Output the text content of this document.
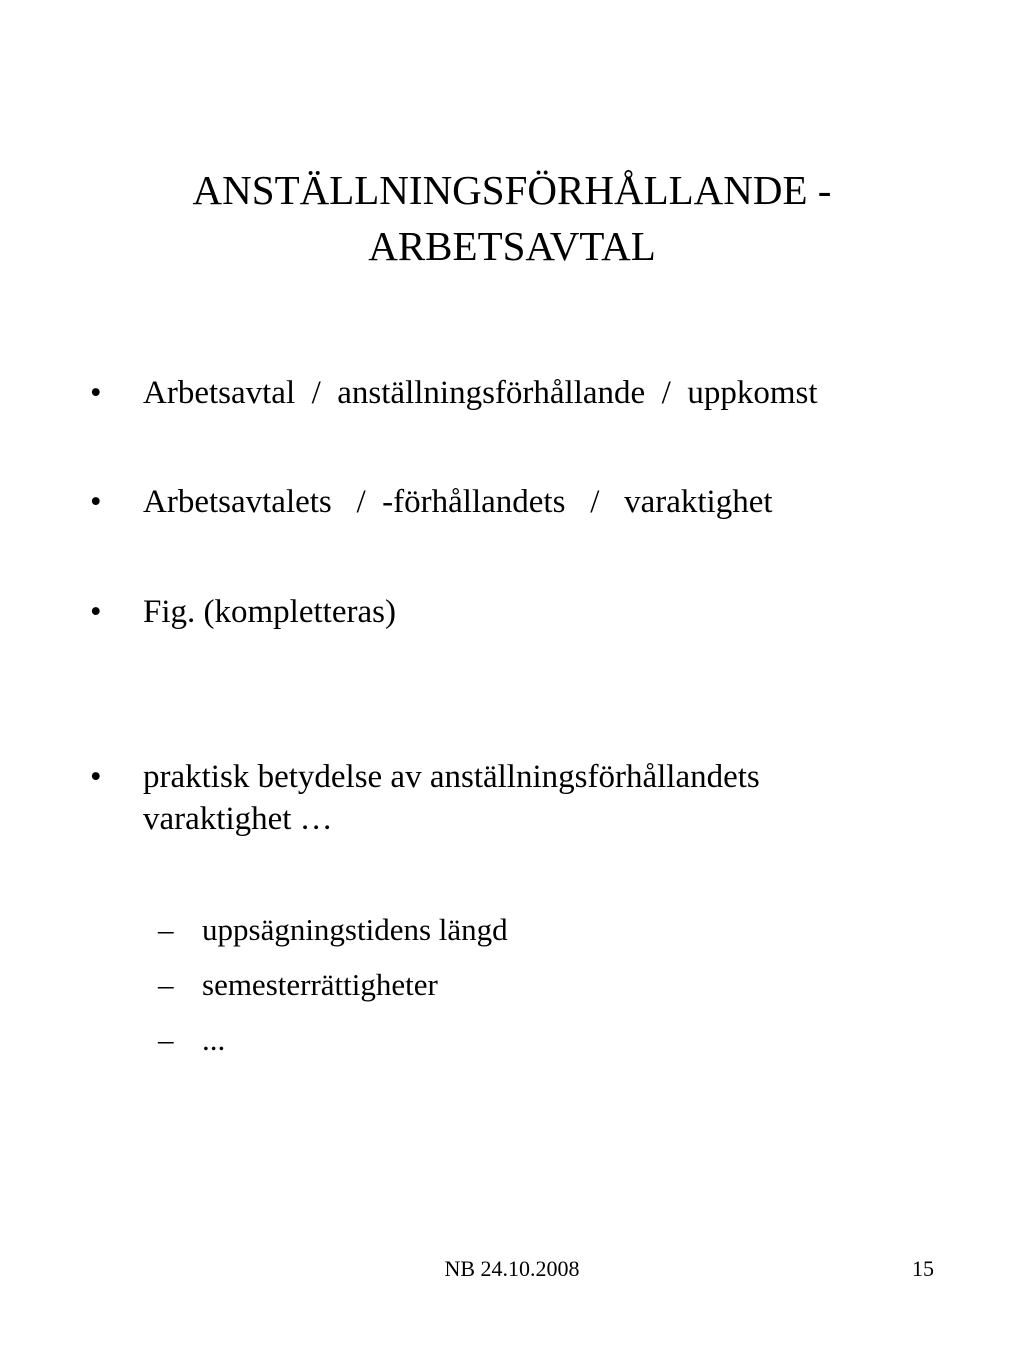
ANSTÄLLNINGSFÖRHÅLLANDE -
ARBETSAVTAL
•	Arbetsavtal  /  anställningsförhållande  /  uppkomst
•	Arbetsavtalets   /  -förhållandets   /   varaktighet
•	Fig. (kompletteras)
•	praktisk betydelse av anställningsförhållandets
varaktighet …
– uppsägningstidens längd
– semesterrättigheter
– ...
NB 24.10.2008	15
